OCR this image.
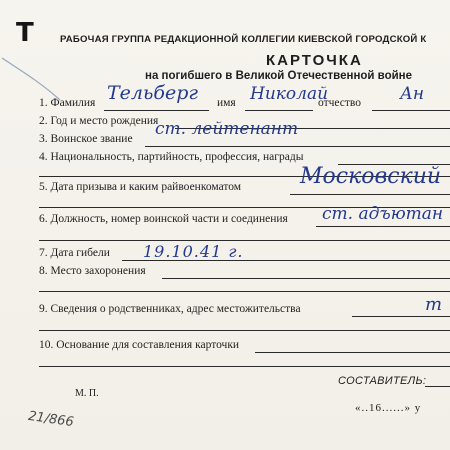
Т	РАБОЧАЯ ГРУППА РЕДАКЦИОННОЙ КОЛЛЕГИИ КИЕВСКОЙ ГОРОДСКОЙ К
КАРТОЧКА
на погибшего в Великой Отечественной войне
1. Фамилия	имя	отчество
Тельберг	Николай	Ан
2. Год и место рождения
3. Воинское звание ст. лейтенант
4. Национальность, партийность, профессия, награды
5. Дата призыва и каким райвоенкоматом	Московский
6. Должность, номер воинской части и соединения ст. адъютан
7. Дата гибели 19.10.41 г.
8. Место захоронения
9. Сведения о родственниках, адрес местожительства	т
10. Основание для составления карточки
М. П.
СОСТАВИТЕЛЬ:
«..16......» у
21/866
